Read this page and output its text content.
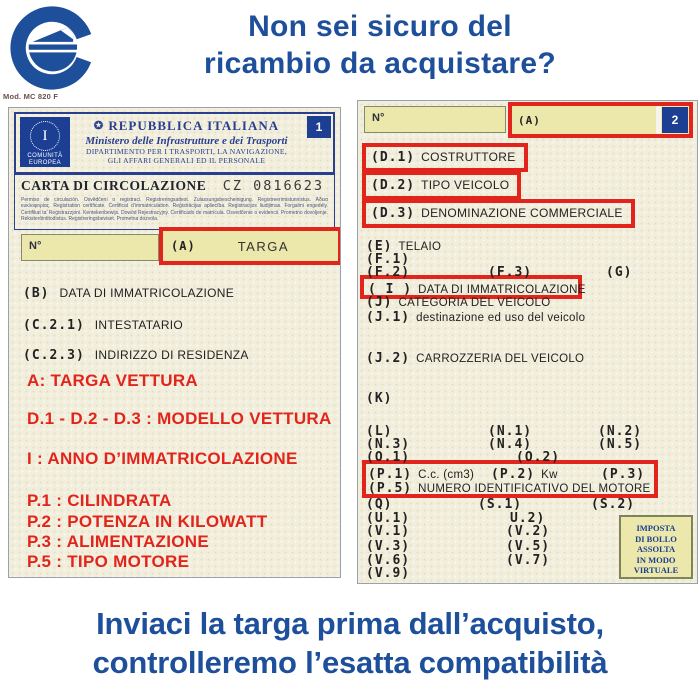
Non sei sicuro del
ricambio da acquistare?
Mod. MC 820 F
I
COMUNITÀ
EUROPEA
✪ REPUBBLICA ITALIANA
Ministero delle Infrastrutture e dei Trasporti
DIPARTIMENTO PER I TRASPORTI, LA NAVIGAZIONE,
GLI AFFARI GENERALI ED IL PERSONALE
1
CARTA DI CIRCOLAZIONE CZ 0816623

Permiso de circulación. Osvědčení o registraci. Registreringsattest. Zulassungsbescheinigung. Registreerimistunnistus. Άδεια κυκλοφορίας. Registration certificate. Certificat d’immatriculation. Reģistrācijas apliecība. Registracijos liudijimas. Forgalmi engedély. Ċertifikat ta’ Reġistrazzjoni. Kentekenbewijs. Dowód Rejestracyjny. Certificado de matrícula. Osvedčenie o evidencii. Prometno dovoljenje. Rekisteröintitodistus. Registreringsbeviset. Prometna dozvola.

N°	(A)	TARGA
(B) DATA DI IMMATRICOLAZIONE
(C.2.1) INTESTATARIO
(C.2.3) INDIRIZZO DI RESIDENZA
A: TARGA VETTURA
D.1 - D.2 - D.3 : MODELLO VETTURA
I : ANNO D’IMMATRICOLAZIONE
P.1 : CILINDRATA
P.2 : POTENZA IN KILOWATT
P.3 : ALIMENTAZIONE
P.5 : TIPO MOTORE
N°	(A)	2
(D.1) COSTRUTTORE
(D.2) TIPO VEICOLO
(D.3) DENOMINAZIONE COMMERCIALE
(E) TELAIO
(F.1)
(F.2)	(F.3)	(G)
( I ) DATA DI IMMATRICOLAZIONE
(J) CATEGORIA DEL VEICOLO
(J.1) destinazione ed uso del veicolo
(J.2) CARROZZERIA DEL VEICOLO
(K)
(L)	(N.1)	(N.2)
(N.3)	(N.4)	(N.5)
(O.1)	(O.2)
(P.1) C.c. (cm3) (P.2) Kw	(P.3)
(P.5) NUMERO IDENTIFICATIVO DEL MOTORE
(Q)	(S.1)	(S.2)
(U.1)	U.2)
(V.1)	(V.2)
(V.3)	(V.5)
(V.6)	(V.7)
(V.9)
IMPOSTA
DI BOLLO
ASSOLTA
IN MODO
VIRTUALE
Inviaci la targa prima dall’acquisto,
controlleremo l’esatta compatibilità
